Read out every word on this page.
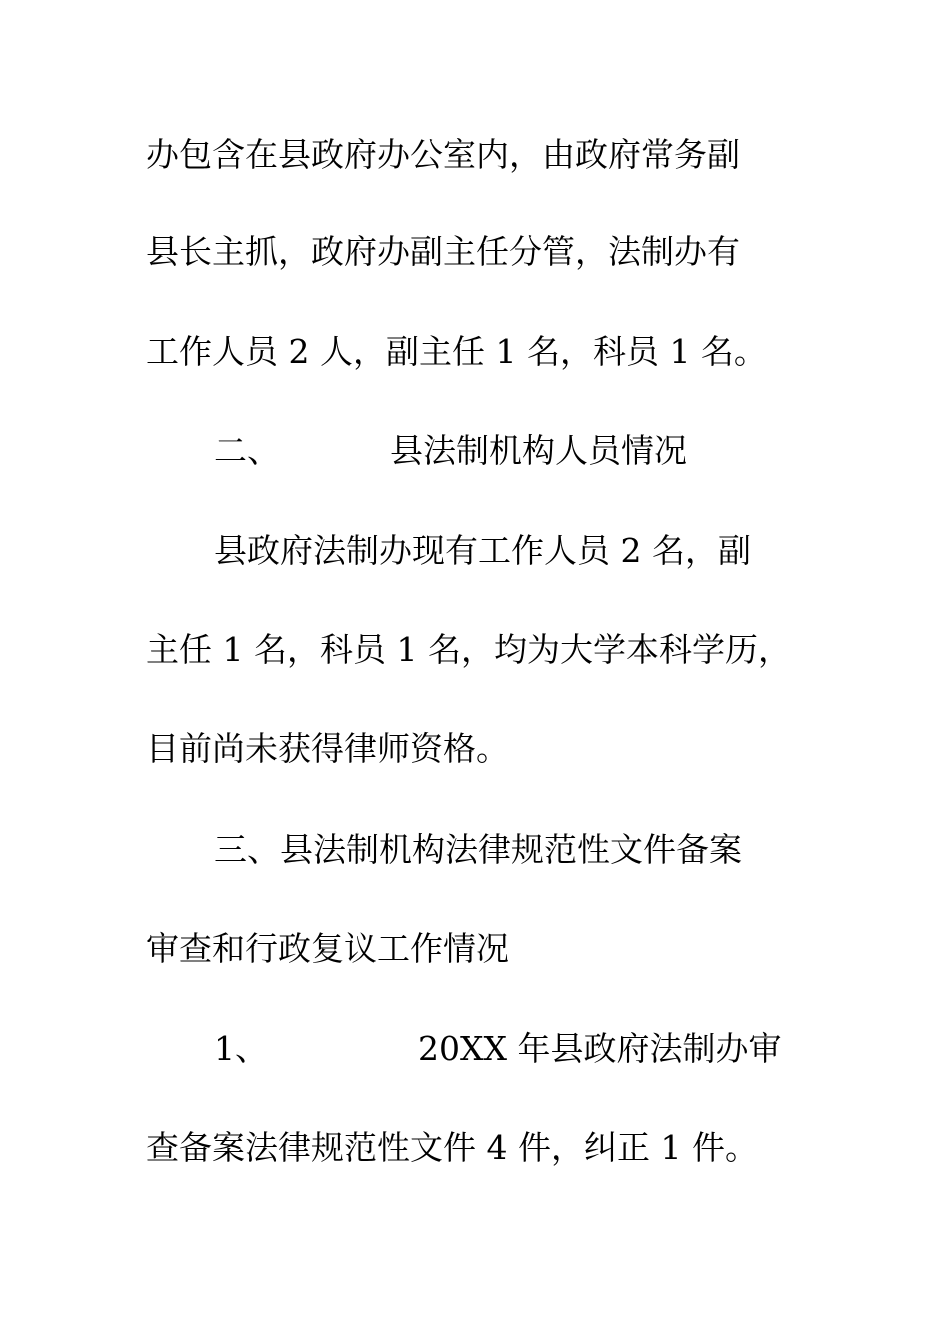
办包含在县政府办公室内，由政府常务副
县长主抓，政府办副主任分管，法制办有
工作人员 2 人，副主任 1 名，科员 1 名。
二、	县法制机构人员情况
县政府法制办现有工作人员 2 名，副
主任 1 名，科员 1 名，均为大学本科学历，
目前尚未获得律师资格。
三、县法制机构法律规范性文件备案
审查和行政复议工作情况
1、	20XX 年县政府法制办审
查备案法律规范性文件 4 件，纠正 1 件。
